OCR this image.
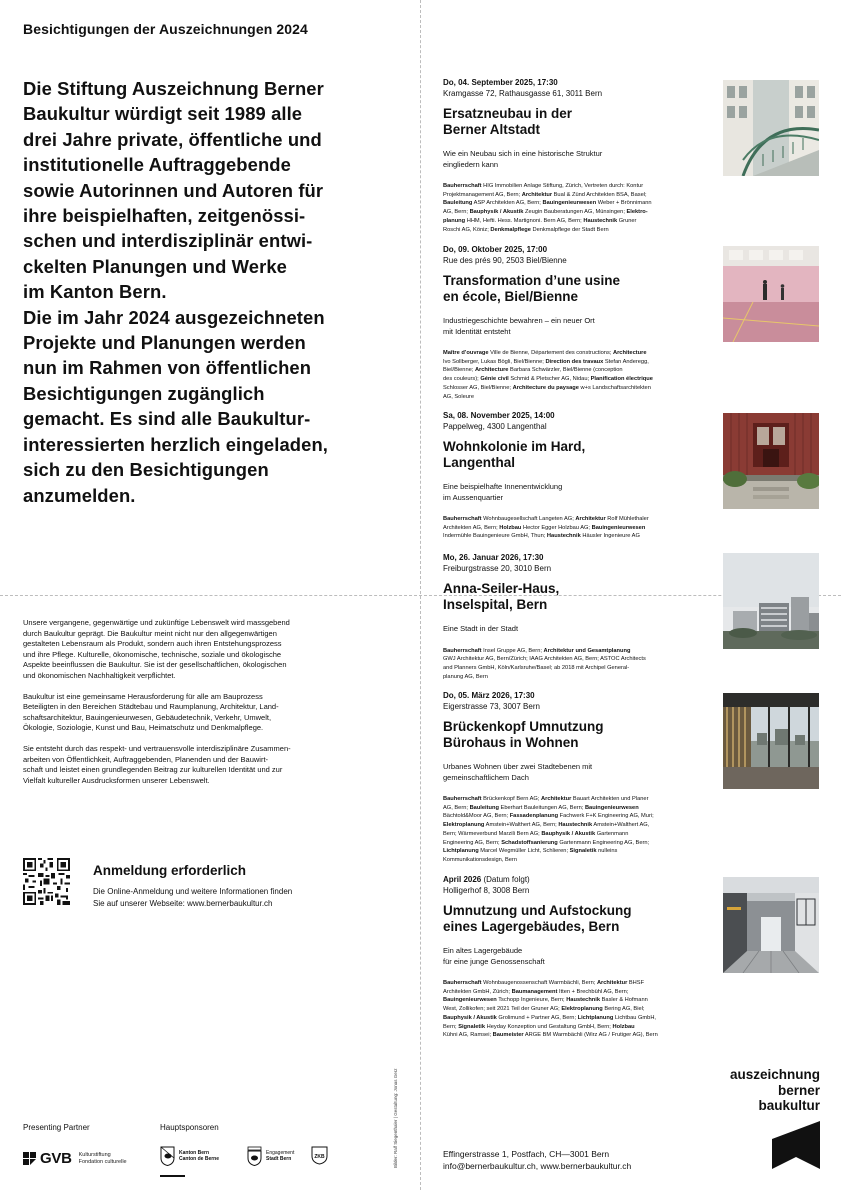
Besichtigungen der Auszeichnungen 2024

Die Stiftung Auszeichnung Berner

Baukultur würdigt seit 1989 alle

drei Jahre private, öffentliche und

institutionelle Auftraggebende

sowie Autorinnen und Autoren für

ihre beispielhaften, zeitgenössi-

schen und interdisziplinär entwi-

ckelten Planungen und Werke

im Kanton Bern.

Die im Jahr 2024 ausgezeichneten

Projekte und Planungen werden

nun im Rahmen von öffentlichen

Besichtigungen zugänglich

gemacht. Es sind alle Baukultur-

interessierten herzlich eingeladen,

sich zu den Besichtigungen

anzumelden.

Unsere vergangene, gegenwärtige und zukünftige Lebenswelt wird massgebend
durch Baukultur geprägt. Die Baukultur meint nicht nur den allgegenwärtigen
gestalteten Lebensraum als Produkt, sondern auch ihren Entstehungsprozess
und ihre Pflege. Kulturelle, ökonomische, technische, soziale und ökologische
Aspekte beeinflussen die Baukultur. Sie ist der gesellschaftlichen, ökologischen
und ökonomischen Nachhaltigkeit verpflichtet.

Baukultur ist eine gemeinsame Herausforderung für alle am Bauprozess
Beteiligten in den Bereichen Städtebau und Raumplanung, Architektur, Land-
schaftsarchitektur, Bauingenieurwesen, Gebäudetechnik, Verkehr, Umwelt,
Ökologie, Soziologie, Kunst und Bau, Heimatschutz und Denkmalpflege.

Sie entsteht durch das respekt- und vertrauensvolle interdisziplinäre Zusammen-
arbeiten von Öffentlichkeit, Auftraggebenden, Planenden und der Bauwirt-
schaft und leistet einen grundlegenden Beitrag zur kulturellen Identität und zur
Vielfalt kultureller Ausdrucksformen unserer Lebenswelt.

Anmeldung erforderlich
Die Online-Anmeldung und weitere Informationen finden
Sie auf unserer Webseite: www.bernerbaukultur.ch
Bilder: Ralf Siegenthaler | Gestaltung: Jonas Gerz
Presenting Partner	Hauptsponsoren
GVB Kulturstiftung
Fondation culturelle
Kanton Bern
Canton de Berne
Engagement
Stadt Bern	ZKB
Do, 04. September 2025, 17:30
Kramgasse 72, Rathausgasse 61, 3011 Bern
Ersatzneubau in der
Berner Altstadt
Wie ein Neubau sich in eine historische Struktur
eingliedern kann
Bauherrschaft HIG Immobilien Anlage Stiftung, Zürich, Vertreten durch: Kontur
Projektmanagement AG, Bern; Architektur Bual & Zünd Architekten BSA, Basel;
Bauleitung ASP Architekten AG, Bern; Bauingenieurwesen Weber + Brönnimann
AG, Bern; Bauphysik / Akustik Zeugin Bauberatungen AG, Münsingen; Elektro-
planung HHM, Hefti. Hess. Martignoni. Bern AG, Bern; Haustechnik Gruner
Roschi AG, Köniz; Denkmalpflege Denkmalpflege der Stadt Bern
Do, 09. Oktober 2025, 17:00
Rue des prés 90, 2503 Biel/Bienne
Transformation d’une usine
en école, Biel/Bienne
Industriegeschichte bewahren – ein neuer Ort
mit Identität entsteht
Maître d’ouvrage Ville de Bienne, Département des constructions; Architecture
Ivo Sollberger, Lukas Bögli, Biel/Bienne; Direction des travaux Stefan Anderegg,
Biel/Bienne; Architecture Barbara Schwärzler, Biel/Bienne (conception
des couleurs); Génie civil Schmid & Pletscher AG, Nidau; Planification électrique
Schlosser AG, Biel/Bienne; Architecture du paysage w+s Landschaftsarchitekten
AG, Soleure
Sa, 08. November 2025, 14:00
Pappelweg, 4300 Langenthal
Wohnkolonie im Hard,
Langenthal
Eine beispielhafte Innenentwicklung
im Aussenquartier
Bauherrschaft Wohnbaugesellschaft Langeten AG; Architektur Rolf Mühlethaler
Architekten AG, Bern; Holzbau Hector Egger Holzbau AG; Bauingenieurwesen
Indermühle Bauingenieure GmbH, Thun; Haustechnik Häusler Ingenieure AG
Mo, 26. Januar 2026, 17:30
Freiburgstrasse 20, 3010 Bern
Anna-Seiler-Haus,
Inselspital, Bern
Eine Stadt in der Stadt
Bauherrschaft Insel Gruppe AG, Bern; Architektur und Gesamtplanung
GWJ Architektur AG, Bern/Zürich; IAAG Architekten AG, Bern; ASTOC Architects
and Planners GmbH, Köln/Karlsruhe/Basel; ab 2018 mit Archipel General-
planung AG, Bern
Do, 05. März 2026, 17:30
Eigerstrasse 73, 3007 Bern
Brückenkopf Umnutzung
Bürohaus in Wohnen
Urbanes Wohnen über zwei Stadtebenen mit
gemeinschaftlichem Dach
Bauherrschaft Brückenkopf Bern AG; Architektur Bauart Architekten und Planer
AG, Bern; Bauleitung Eberhart Bauleitungen AG, Bern; Bauingenieurwesen
Bächtold&Moor AG, Bern; Fassadenplanung Fachwerk F+K Engineering AG, Muri;
Elektroplanung Amstein+Walthert AG, Bern; Haustechnik Amstein+Walthert AG,
Bern; Wärmeverbund Marzili Bern AG; Bauphysik / Akustik Gartenmann
Engineering AG, Bern; Schadstoffsanierung Gartenmann Engineering AG, Bern;
Lichtplanung Marcel Wegmüller Licht, Schlieren; Signaletik nulleins
Kommunikationsdesign, Bern
April 2026 (Datum folgt)
Holligerhof 8, 3008 Bern
Umnutzung und Aufstockung
eines Lagergebäudes, Bern
Ein altes Lagergebäude
für eine junge Genossenschaft
Bauherrschaft Wohnbaugenossenschaft Warmbächli, Bern; Architektur BHSF
Architekten GmbH, Zürich; Baumanagement Itten + Brechbühl AG, Bern;
Bauingenieurwesen Tschopp Ingenieure, Bern; Haustechnik Basler & Hofmann
West, Zollikofen; seit 2021 Teil der Gruner AG; Elektroplanung Bering AG, Biel;
Bauphysik / Akustik Grolimund + Partner AG, Bern; Lichtplanung Lichtbau GmbH,
Bern; Signaletik Heyday Konzeption und Gestaltung GmbH, Bern; Holzbau
Kühni AG, Ramsei; Baumeister ARGE BM Warmbächli (Wirz AG / Frutiger AG), Bern
Effingerstrasse 1, Postfach, CH—3001 Bern
info@bernerbaukultur.ch, www.bernerbaukultur.ch
auszeichnung
berner
baukultur
